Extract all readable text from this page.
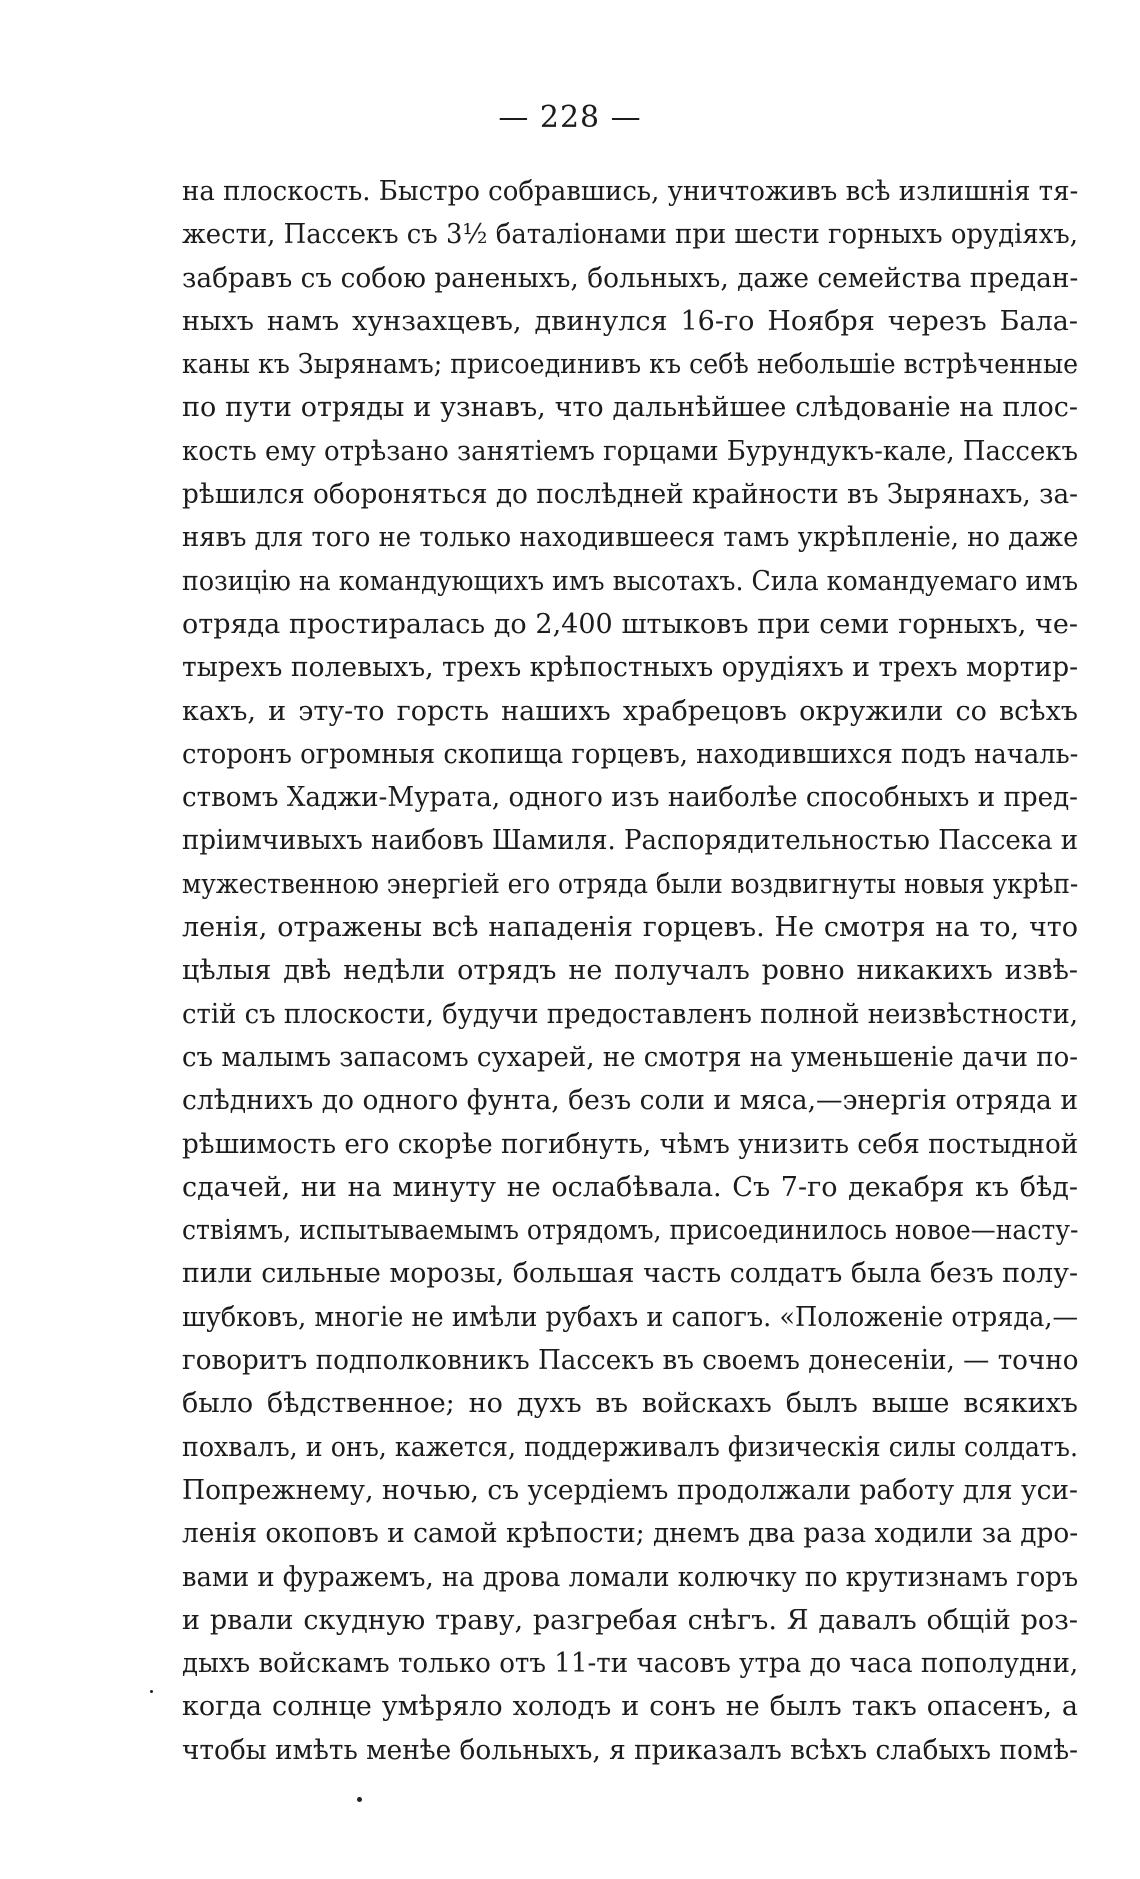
— 228 —
на плоскость. Быстро собравшись, уничтоживъ всѣ излишнія тя-
жести, Пассекъ съ 3½ баталіонами при шести горныхъ орудіяхъ,
забравъ съ собою раненыхъ, больныхъ, даже семейства предан-
ныхъ намъ хунзахцевъ, двинулся 16-го Ноября черезъ Бала-
каны къ Зырянамъ; присоединивъ къ себѣ небольшіе встрѣченные
по пути отряды и узнавъ, что дальнѣйшее слѣдованіе на плос-
кость ему отрѣзано занятіемъ горцами Бурундукъ-кале, Пассекъ
рѣшился обороняться до послѣдней крайности въ Зырянахъ, за-
нявъ для того не только находившееся тамъ укрѣпленіе, но даже
позицію на командующихъ имъ высотахъ. Сила командуемаго имъ
отряда простиралась до 2,400 штыковъ при семи горныхъ, че-
тырехъ полевыхъ, трехъ крѣпостныхъ орудіяхъ и трехъ мортир-
кахъ, и эту-то горсть нашихъ храбрецовъ окружили со всѣхъ
сторонъ огромныя скопища горцевъ, находившихся подъ началь-
ствомъ Хаджи-Мурата, одного изъ наиболѣе способныхъ и пред-
пріимчивыхъ наибовъ Шамиля. Распорядительностью Пассека и
мужественною энергіей его отряда были воздвигнуты новыя укрѣп-
ленія, отражены всѣ нападенія горцевъ. Не смотря на то, что
цѣлыя двѣ недѣли отрядъ не получалъ ровно никакихъ извѣ-
стій съ плоскости, будучи предоставленъ полной неизвѣстности,
съ малымъ запасомъ сухарей, не смотря на уменьшеніе дачи по-
слѣднихъ до одного фунта, безъ соли и мяса,—энергія отряда и
рѣшимость его скорѣе погибнуть, чѣмъ унизить себя постыдной
сдачей, ни на минуту не ослабѣвала. Съ 7-го декабря къ бѣд-
ствіямъ, испытываемымъ отрядомъ, присоединилось новое—насту-
пили сильные морозы, большая часть солдатъ была безъ полу-
шубковъ, многіе не имѣли рубахъ и сапогъ. «Положеніе отряда,—
говоритъ подполковникъ Пассекъ въ своемъ донесеніи, — точно
было бѣдственное; но духъ въ войскахъ былъ выше всякихъ
похвалъ, и онъ, кажется, поддерживалъ физическія силы солдатъ.
Попрежнему, ночью, съ усердіемъ продолжали работу для уси-
ленія окоповъ и самой крѣпости; днемъ два раза ходили за дро-
вами и фуражемъ, на дрова ломали колючку по крутизнамъ горъ
и рвали скудную траву, разгребая снѣгъ. Я давалъ общій роз-
дыхъ войскамъ только отъ 11-ти часовъ утра до часа пополудни,
когда солнце умѣряло холодъ и сонъ не былъ такъ опасенъ, а
чтобы имѣть менѣе больныхъ, я приказалъ всѣхъ слабыхъ помѣ-
